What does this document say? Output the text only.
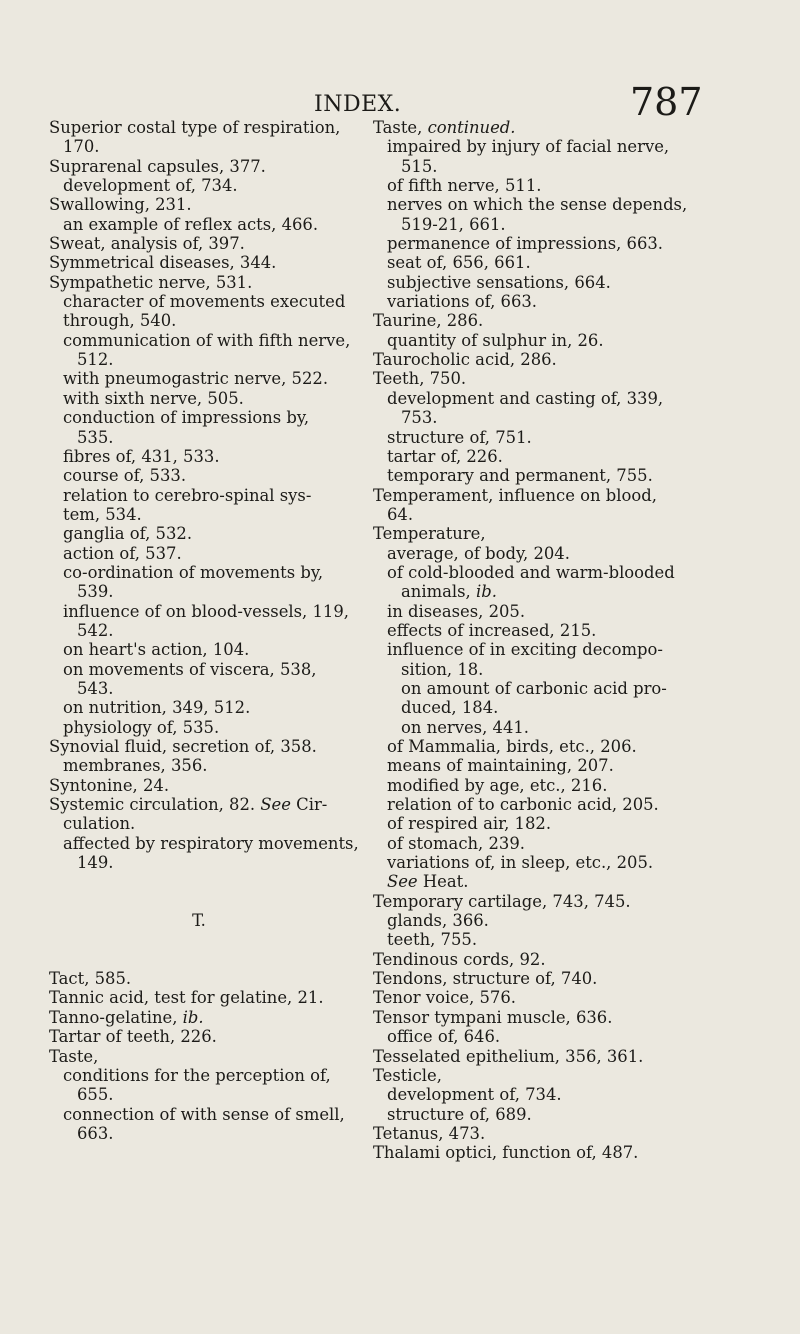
INDEX.	787
Superior costal type of respiration,
170.
Suprarenal capsules, 377.
development of, 734.
Swallowing, 231.
an example of reflex acts, 466.
Sweat, analysis of, 397.
Symmetrical diseases, 344.
Sympathetic nerve, 531.
character of movements executed
through, 540.
communication of with fifth nerve,
512.
with pneumogastric nerve, 522.
with sixth nerve, 505.
conduction of impressions by,
535.
fibres of, 431, 533.
course of, 533.
relation to cerebro-spinal sys-
tem, 534.
ganglia of, 532.
action of, 537.
co-ordination of movements by,
539.
influence of on blood-vessels, 119,
542.
on heart's action, 104.
on movements of viscera, 538,
543.
on nutrition, 349, 512.
physiology of, 535.
Synovial fluid, secretion of, 358.
membranes, 356.
Syntonine, 24.
Systemic circulation, 82. See Cir-
culation.
affected by respiratory movements,
149.
T.
Tact, 585.
Tannic acid, test for gelatine, 21.
Tanno-gelatine, ib.
Tartar of teeth, 226.
Taste,
conditions for the perception of,
655.
connection of with sense of smell,
663.
Taste, continued.
impaired by injury of facial nerve,
515.
of fifth nerve, 511.
nerves on which the sense depends,
519-21, 661.
permanence of impressions, 663.
seat of, 656, 661.
subjective sensations, 664.
variations of, 663.
Taurine, 286.
quantity of sulphur in, 26.
Taurocholic acid, 286.
Teeth, 750.
development and casting of, 339,
753.
structure of, 751.
tartar of, 226.
temporary and permanent, 755.
Temperament, influence on blood,
64.
Temperature,
average, of body, 204.
of cold-blooded and warm-blooded
animals, ib.
in diseases, 205.
effects of increased, 215.
influence of in exciting decompo-
sition, 18.
on amount of carbonic acid pro-
duced, 184.
on nerves, 441.
of Mammalia, birds, etc., 206.
means of maintaining, 207.
modified by age, etc., 216.
relation of to carbonic acid, 205.
of respired air, 182.
of stomach, 239.
variations of, in sleep, etc., 205.
See Heat.
Temporary cartilage, 743, 745.
glands, 366.
teeth, 755.
Tendinous cords, 92.
Tendons, structure of, 740.
Tenor voice, 576.
Tensor tympani muscle, 636.
office of, 646.
Tesselated epithelium, 356, 361.
Testicle,
development of, 734.
structure of, 689.
Tetanus, 473.
Thalami optici, function of, 487.
